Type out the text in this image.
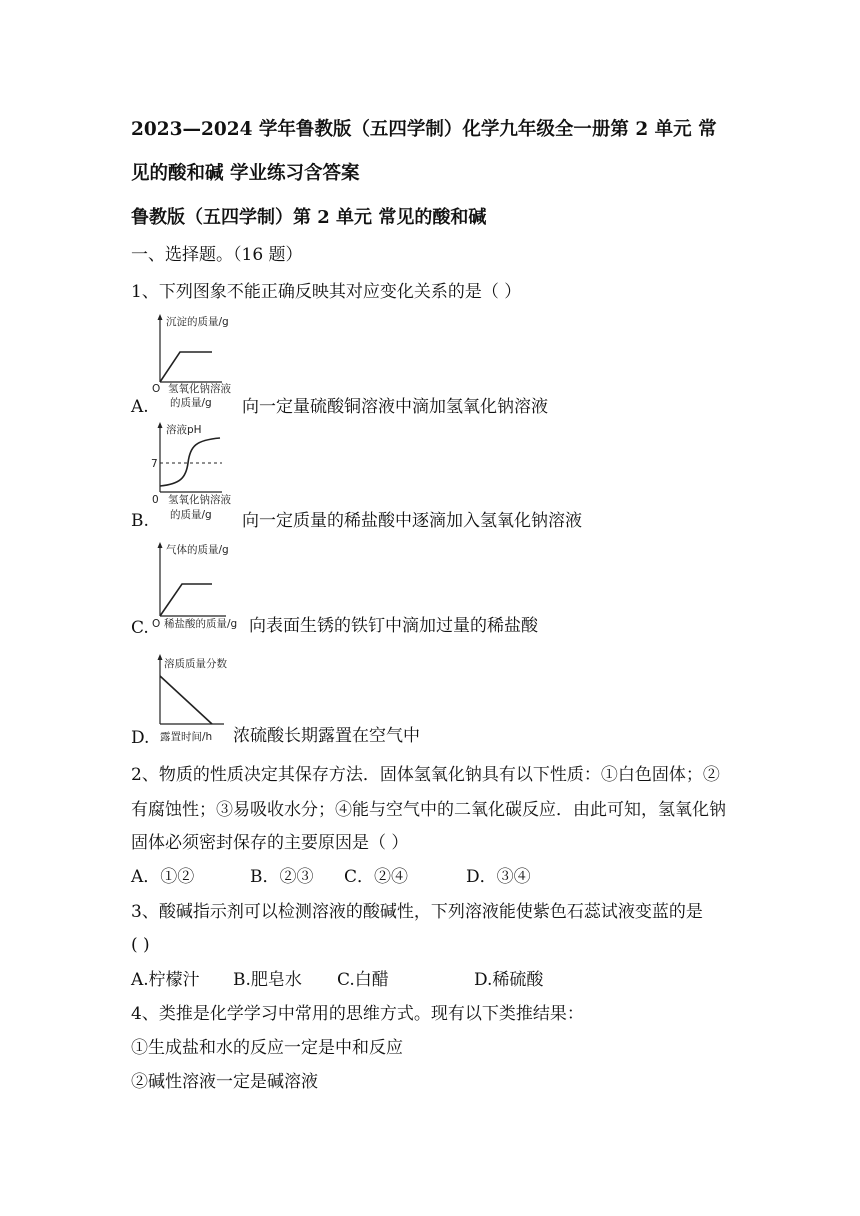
2023—2024 学年鲁教版（五四学制）化学九年级全一册第 2 单元 常
见的酸和碱 学业练习含答案
鲁教版（五四学制）第 2 单元 常见的酸和碱
一、选择题。（16 题）
1、下列图象不能正确反映其对应变化关系的是（ ）
沉淀的质量/g
O 氢氧化钠溶液
的质量/g
A.	向一定量硫酸铜溶液中滴加氢氧化钠溶液
溶液pH
7
0 氢氧化钠溶液
的质量/g
B.	向一定质量的稀盐酸中逐滴加入氢氧化钠溶液
气体的质量/g
O 稀盐酸的质量/g
C.	向表面生锈的铁钉中滴加过量的稀盐酸
溶质质量分数
露置时间/h
D.	浓硫酸长期露置在空气中
2、物质的性质决定其保存方法．固体氢氧化钠具有以下性质：①白色固体；②
有腐蚀性；③易吸收水分；④能与空气中的二氧化碳反应．由此可知，氢氧化钠
固体必须密封保存的主要原因是（ ）
A．①②	B．②③ C．②④	D．③④
3、酸碱指示剂可以检测溶液的酸碱性，下列溶液能使紫色石蕊试液变蓝的是
( )
A.柠檬汁 B.肥皂水 C.白醋	D.稀硫酸
4、类推是化学学习中常用的思维方式。现有以下类推结果：
①生成盐和水的反应一定是中和反应
②碱性溶液一定是碱溶液
